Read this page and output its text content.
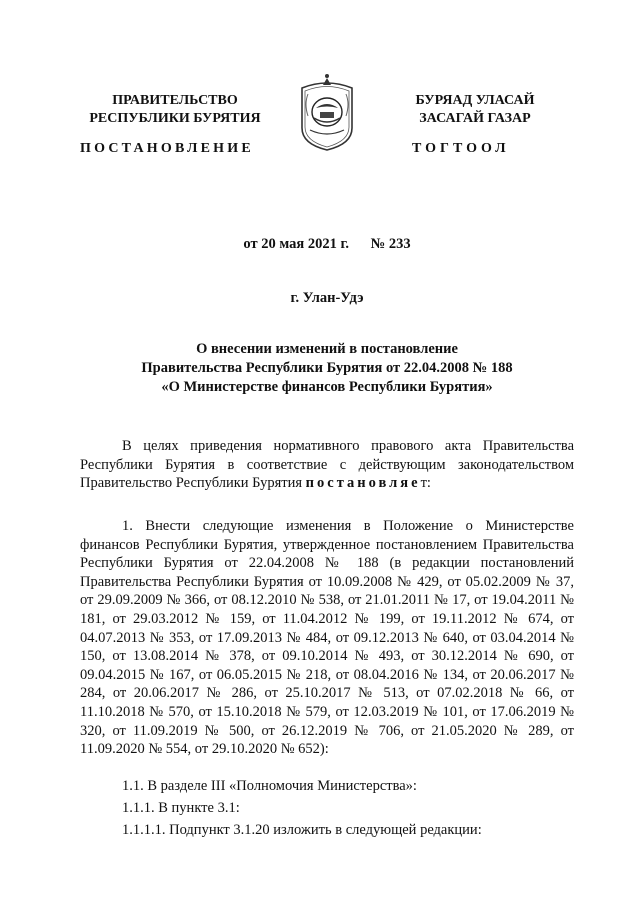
ПРАВИТЕЛЬСТВО
РЕСПУБЛИКИ БУРЯТИЯ
БУРЯАД УЛАСАЙ
ЗАСАГАЙ ГАЗАР
ПОСТАНОВЛЕНИЕ	ТОГТООЛ
от 20 мая 2021 г. № 233
г. Улан-Удэ
О внесении изменений в постановление
Правительства Республики Бурятия от 22.04.2008 № 188
«О Министерстве финансов Республики Бурятия»

В целях приведения нормативного правового акта Правительства Республики Бурятия в соответствие с действующим законодательством Правительство Республики Бурятия постановляет:

1. Внести следующие изменения в Положение о Министерстве финансов Республики Бурятия, утвержденное постановлением Правительства Республики Бурятия от 22.04.2008 № 188 (в редакции постановлений Правительства Республики Бурятия от 10.09.2008 № 429, от 05.02.2009 № 37, от 29.09.2009 № 366, от 08.12.2010 № 538, от 21.01.2011 № 17, от 19.04.2011 № 181, от 29.03.2012 № 159, от 11.04.2012 № 199, от 19.11.2012 № 674, от 04.07.2013 № 353, от 17.09.2013 № 484, от 09.12.2013 № 640, от 03.04.2014 № 150, от 13.08.2014 № 378, от 09.10.2014 № 493, от 30.12.2014 № 690, от 09.04.2015 № 167, от 06.05.2015 № 218, от 08.04.2016 № 134, от 20.06.2017 № 284, от 20.06.2017 № 286, от 25.10.2017 № 513, от 07.02.2018 № 66, от 11.10.2018 № 570, от 15.10.2018 № 579, от 12.03.2019 № 101, от 17.06.2019 № 320, от 11.09.2019 № 500, от 26.12.2019 № 706, от 21.05.2020 № 289, от 11.09.2020 № 554, от 29.10.2020 № 652):

1.1. В разделе III «Полномочия Министерства»:
1.1.1. В пункте 3.1:
1.1.1.1. Подпункт 3.1.20 изложить в следующей редакции:
